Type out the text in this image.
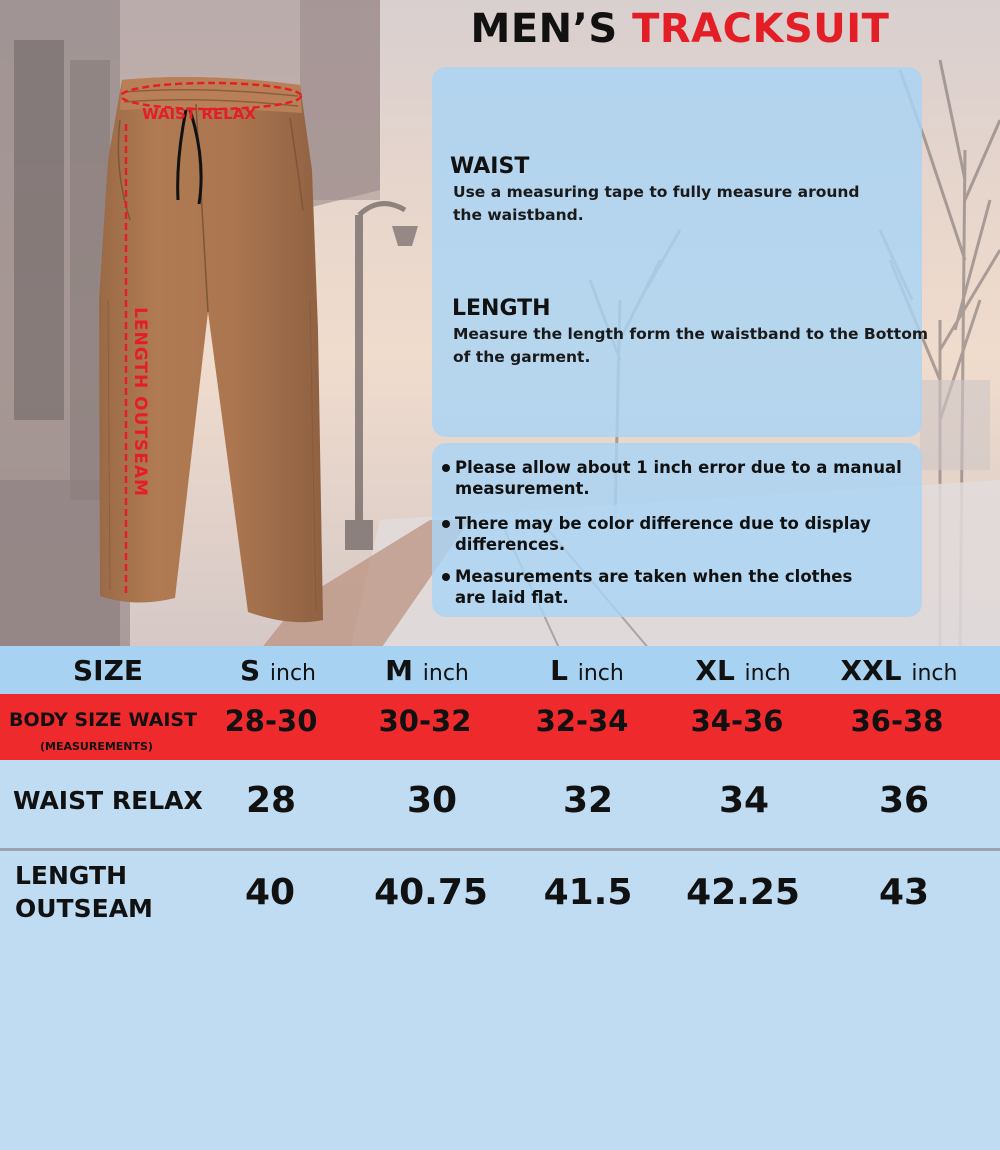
WAIST RELAX
LENGTH OUTSEAM
MEN’S TRACKSUIT
WAIST
Use a measuring tape to fully measure around
the waistband.
LENGTH
Measure the length form the waistband to the Bottom
of the garment.
Please allow about 1 inch error due to a manual
measurement.
There may be color difference due to display
differences.
Measurements are taken when the clothes
are laid flat.
SIZE	S inch M inch	L inch	XL inch XXL inch
BODY SIZE WAIST
(MEASUREMENTS)
28-30 30-32 32-34 34-36 36-38
WAIST RELAX 28	30	32	34	36
LENGTH
OUTSEAM	40 40.75 41.5 42.25 43
